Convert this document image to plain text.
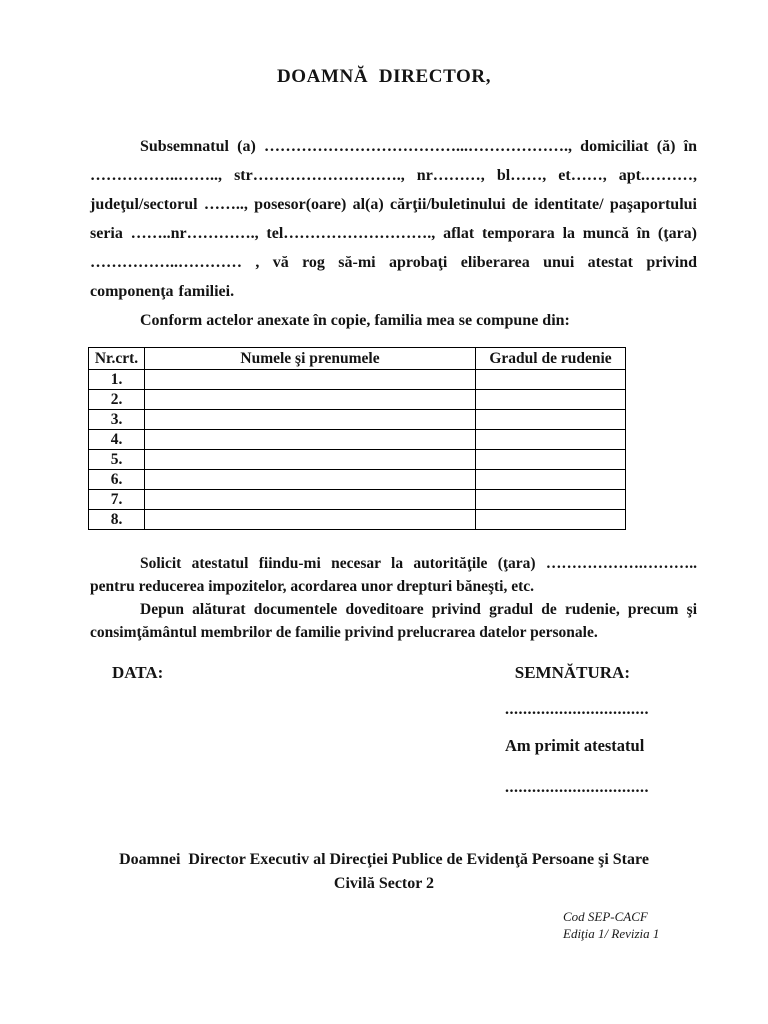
DOAMNĂ  DIRECTOR,

Subsemnatul (a) ………………………………...………………., domiciliat (ă) în ……………..…….., str………………………., nr………, bl……, et……, apt.………, judeţul/sectorul …….., posesor(oare) al(a) cărţii/buletinului de identitate/ paşaportului seria ……..nr…………., tel………………………., aflat temporara la muncă în (ţara) ……………..………… , vă rog să-mi aprobaţi eliberarea unui atestat privind componenţa familiei.

Conform actelor anexate în copie, familia mea se compune din:

Nr.crt.	Numele şi prenumele	Gradul de rudenie
1.		
2.		
3.		
4.		
5.		
6.		
7.		
8.		

Solicit atestatul fiindu-mi necesar la autorităţile (ţara) ……………….……….. pentru reducerea impozitelor, acordarea unor drepturi băneşti, etc.

Depun alăturat documentele doveditoare privind gradul de rudenie, precum şi consimţământul membrilor de familie privind prelucrarea datelor personale.

DATA:	SEMNĂTURA:
................................
Am primit atestatul
................................
Doamnei  Director Executiv al Direcţiei Publice de Evidenţă Persoane şi Stare
Civilă Sector 2
Cod SEP-CACF
Ediţia 1/ Revizia 1
